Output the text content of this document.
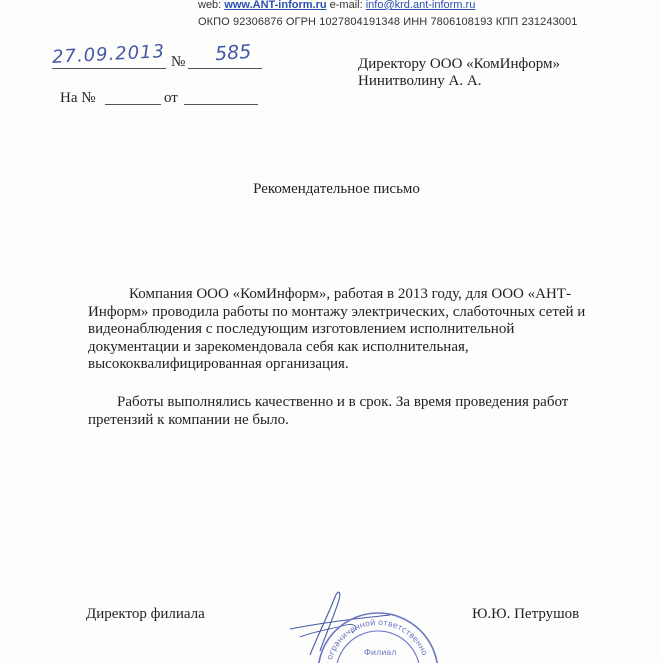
web: www.ANT-inform.ru e-mail: info@krd.ant-inform.ru
ОКПО 92306876 ОГРН 1027804191348 ИНН 7806108193 КПП 231243001
27.09.2013 № 585
На №	от
Директору ООО «КомИнформ»
Нинитволину А. А.
Рекомендательное письмо
Компания ООО «КомИнформ», работая в 2013 году, для ООО «АНТ-Информ» проводила работы по монтажу электрических, слаботочных сетей и видеонаблюдения с последующим изготовлением исполнительной документации и зарекомендовала себя как исполнительная, высококвалифицированная организация.
Работы выполнялись качественно и в срок. За время проведения работ претензий к компании не было.
Директор филиала	Ю.Ю. Петрушов
ограниченной ответственно
Филиал
